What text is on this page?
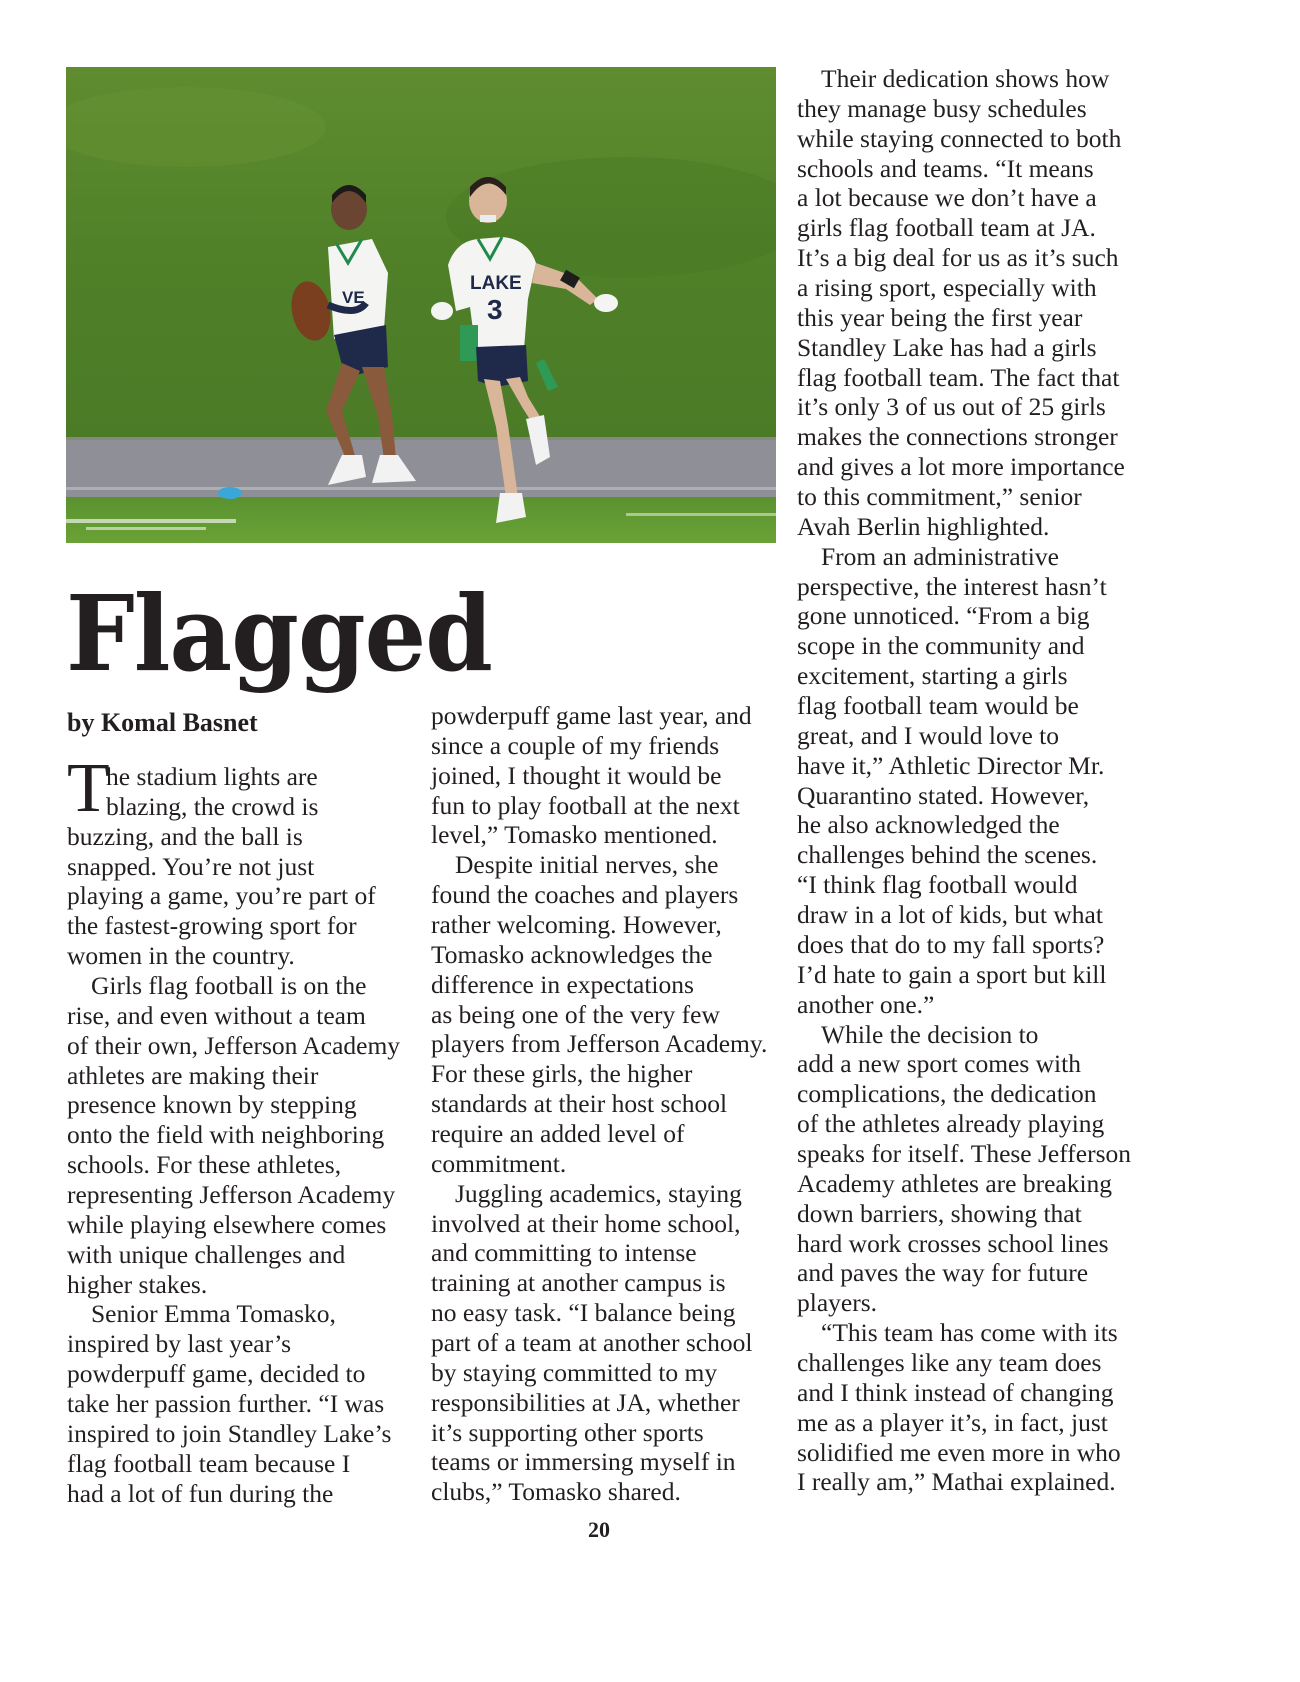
VE
LAKE
3
Flagged
by Komal Basnet
T
he stadium lights are
blazing, the crowd is
buzzing, and the ball is
snapped. You’re not just
playing a game, you’re part of
the fastest-growing sport for
women in the country.
Girls flag football is on the
rise, and even without a team
of their own, Jefferson Academy
athletes are making their
presence known by stepping
onto the field with neighboring
schools. For these athletes,
representing Jefferson Academy
while playing elsewhere comes
with unique challenges and
higher stakes.
Senior Emma Tomasko,
inspired by last year’s
powderpuff game, decided to
take her passion further. “I was
inspired to join Standley Lake’s
flag football team because I
had a lot of fun during the
powderpuff game last year, and
since a couple of my friends
joined, I thought it would be
fun to play football at the next
level,” Tomasko mentioned.
Despite initial nerves, she
found the coaches and players
rather welcoming. However,
Tomasko acknowledges the
difference in expectations
as being one of the very few
players from Jefferson Academy.
For these girls, the higher
standards at their host school
require an added level of
commitment.
Juggling academics, staying
involved at their home school,
and committing to intense
training at another campus is
no easy task. “I balance being
part of a team at another school
by staying committed to my
responsibilities at JA, whether
it’s supporting other sports
teams or immersing myself in
clubs,” Tomasko shared.
Their dedication shows how
they manage busy schedules
while staying connected to both
schools and teams. “It means
a lot because we don’t have a
girls flag football team at JA.
It’s a big deal for us as it’s such
a rising sport, especially with
this year being the first year
Standley Lake has had a girls
flag football team. The fact that
it’s only 3 of us out of 25 girls
makes the connections stronger
and gives a lot more importance
to this commitment,” senior
Avah Berlin highlighted.
From an administrative
perspective, the interest hasn’t
gone unnoticed. “From a big
scope in the community and
excitement, starting a girls
flag football team would be
great, and I would love to
have it,” Athletic Director Mr.
Quarantino stated. However,
he also acknowledged the
challenges behind the scenes.
“I think flag football would
draw in a lot of kids, but what
does that do to my fall sports?
I’d hate to gain a sport but kill
another one.”
While the decision to
add a new sport comes with
complications, the dedication
of the athletes already playing
speaks for itself. These Jefferson
Academy athletes are breaking
down barriers, showing that
hard work crosses school lines
and paves the way for future
players.
“This team has come with its
challenges like any team does
and I think instead of changing
me as a player it’s, in fact, just
solidified me even more in who
I really am,” Mathai explained.
20
